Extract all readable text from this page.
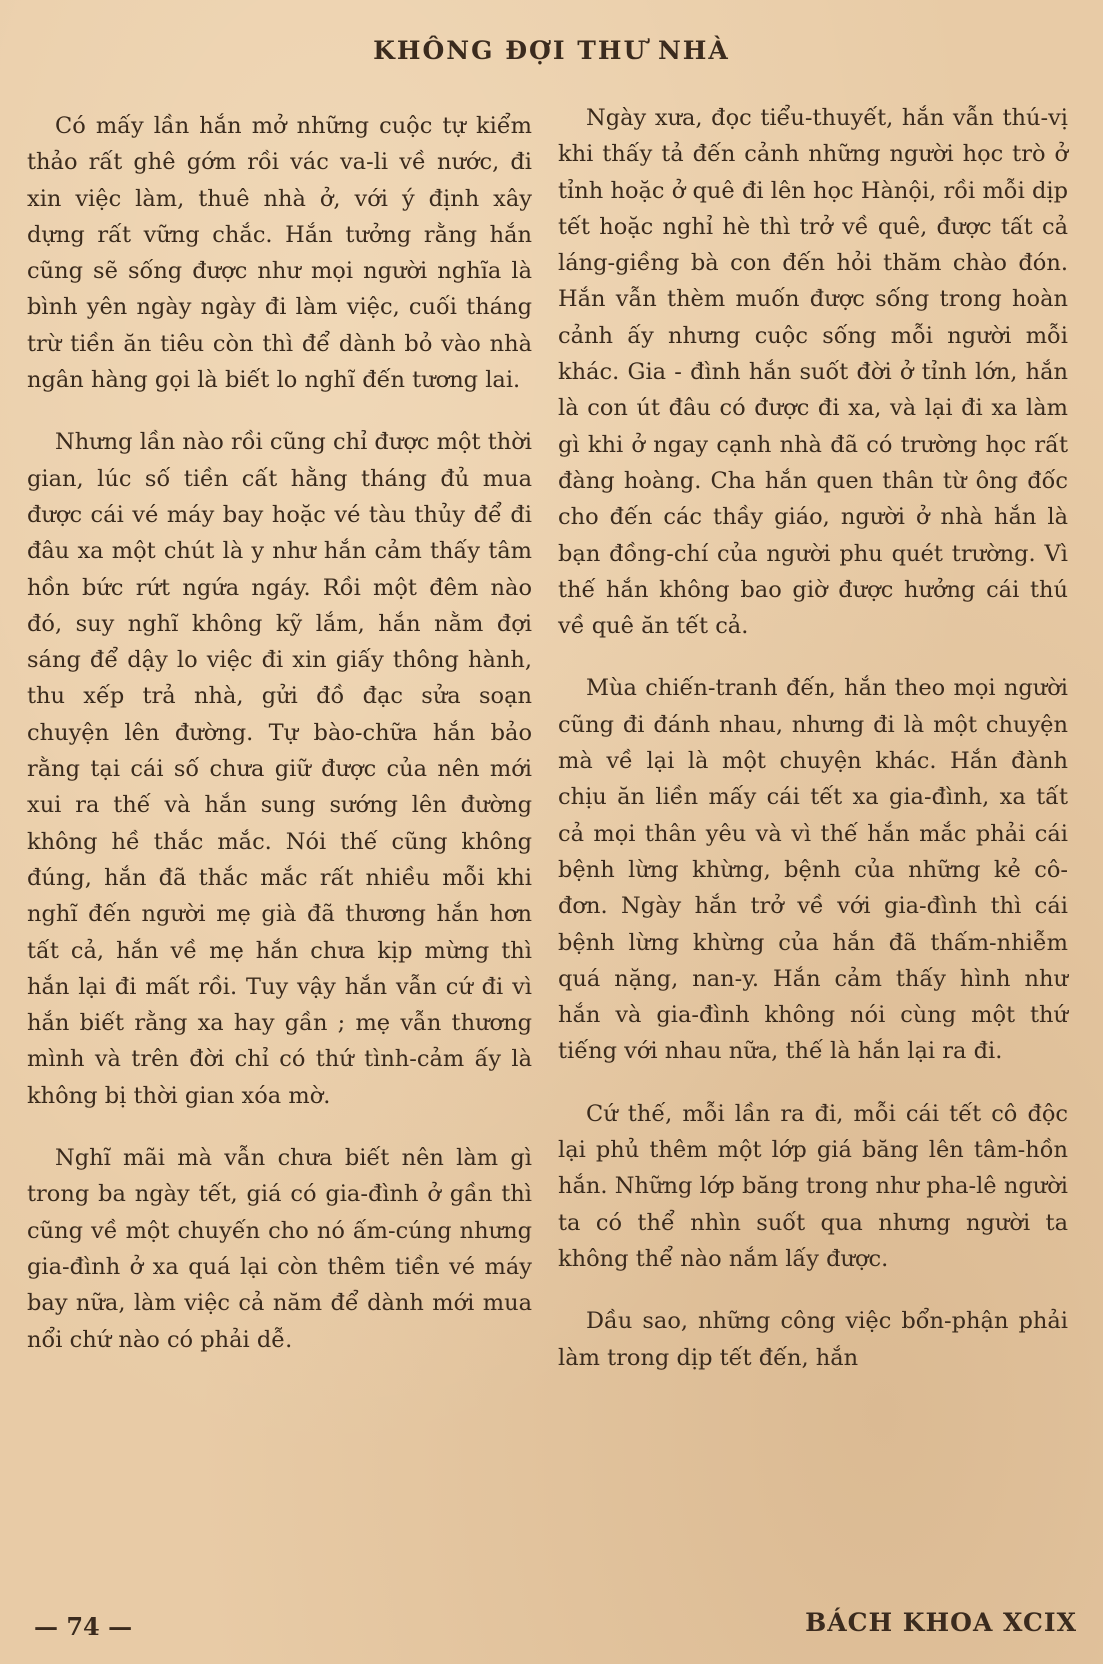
KHÔNG ĐỢI THƯ NHÀ

Có mấy lần hắn mở những cuộc tự kiểm thảo rất ghê gớm rồi vác va-li về nước, đi xin việc làm, thuê nhà ở, với ý định xây dựng rất vững chắc. Hắn tưởng rằng hắn cũng sẽ sống được như mọi người nghĩa là bình yên ngày ngày đi làm việc, cuối tháng trừ tiền ăn tiêu còn thì để dành bỏ vào nhà ngân hàng gọi là biết lo nghĩ đến tương lai.

Nhưng lần nào rồi cũng chỉ được một thời gian, lúc số tiền cất hằng tháng đủ mua được cái vé máy bay hoặc vé tàu thủy để đi đâu xa một chút là y như hắn cảm thấy tâm hồn bức rứt ngứa ngáy. Rồi một đêm nào đó, suy nghĩ không kỹ lắm, hắn nằm đợi sáng để dậy lo việc đi xin giấy thông hành, thu xếp trả nhà, gửi đồ đạc sửa soạn chuyện lên đường. Tự bào-chữa hắn bảo rằng tại cái số chưa giữ được của nên mới xui ra thế và hắn sung sướng lên đường không hề thắc mắc. Nói thế cũng không đúng, hắn đã thắc mắc rất nhiều mỗi khi nghĩ đến người mẹ già đã thương hắn hơn tất cả, hắn về mẹ hắn chưa kịp mừng thì hắn lại đi mất rồi. Tuy vậy hắn vẫn cứ đi vì hắn biết rằng xa hay gần ; mẹ vẫn thương mình và trên đời chỉ có thứ tình-cảm ấy là không bị thời gian xóa mờ.

Nghĩ mãi mà vẫn chưa biết nên làm gì trong ba ngày tết, giá có gia-đình ở gần thì cũng về một chuyến cho nó ấm-cúng nhưng gia-đình ở xa quá lại còn thêm tiền vé máy bay nữa, làm việc cả năm để dành mới mua nổi chứ nào có phải dễ.

Ngày xưa, đọc tiểu-thuyết, hắn vẫn thú-vị khi thấy tả đến cảnh những người học trò ở tỉnh hoặc ở quê đi lên học Hànội, rồi mỗi dịp tết hoặc nghỉ hè thì trở về quê, được tất cả láng-giềng bà con đến hỏi thăm chào đón. Hắn vẫn thèm muốn được sống trong hoàn cảnh ấy nhưng cuộc sống mỗi người mỗi khác. Gia - đình hắn suốt đời ở tỉnh lớn, hắn là con út đâu có được đi xa, và lại đi xa làm gì khi ở ngay cạnh nhà đã có trường học rất đàng hoàng. Cha hắn quen thân từ ông đốc cho đến các thầy giáo, người ở nhà hắn là bạn đồng-chí của người phu quét trường. Vì thế hắn không bao giờ được hưởng cái thú về quê ăn tết cả.

Mùa chiến-tranh đến, hắn theo mọi người cũng đi đánh nhau, nhưng đi là một chuyện mà về lại là một chuyện khác. Hắn đành chịu ăn liền mấy cái tết xa gia-đình, xa tất cả mọi thân yêu và vì thế hắn mắc phải cái bệnh lừng khừng, bệnh của những kẻ cô-đơn. Ngày hắn trở về với gia-đình thì cái bệnh lừng khừng của hắn đã thấm-nhiễm quá nặng, nan-y. Hắn cảm thấy hình như hắn và gia-đình không nói cùng một thứ tiếng với nhau nữa, thế là hắn lại ra đi.

Cứ thế, mỗi lần ra đi, mỗi cái tết cô độc lại phủ thêm một lớp giá băng lên tâm-hồn hắn. Những lớp băng trong như pha-lê người ta có thể nhìn suốt qua nhưng người ta không thể nào nắm lấy được.

Dầu sao, những công việc bổn-phận phải làm trong dịp tết đến, hắn

— 74 —	BÁCH KHOA XCIX
